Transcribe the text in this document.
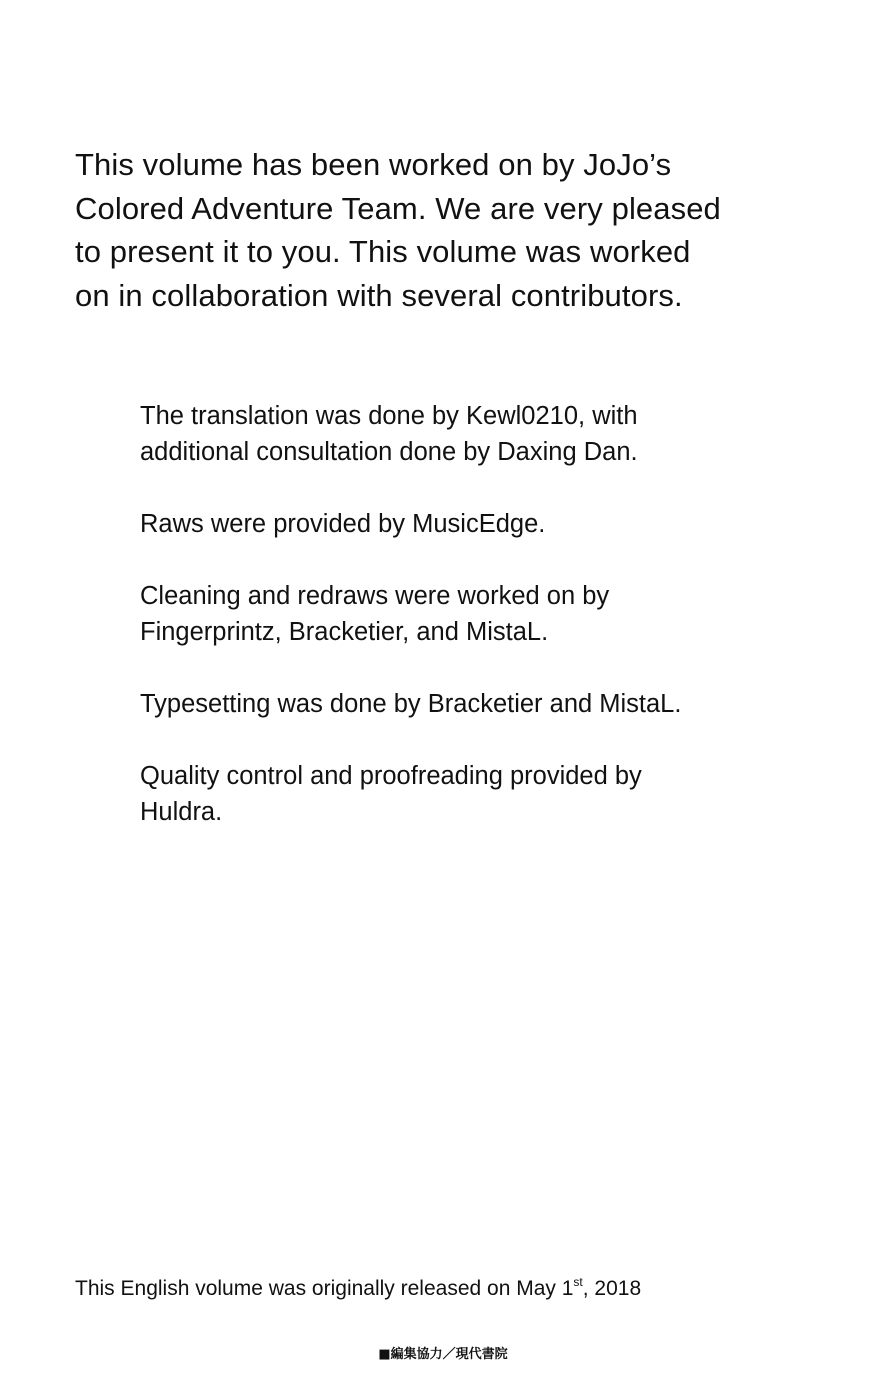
This volume has been worked on by JoJo’s
Colored Adventure Team. We are very pleased
to present it to you. This volume was worked
on in collaboration with several contributors.
The translation was done by Kewl0210, with
additional consultation done by Daxing Dan.
Raws were provided by MusicEdge.
Cleaning and redraws were worked on by
Fingerprintz, Bracketier, and MistaL.
Typesetting was done by Bracketier and MistaL.
Quality control and proofreading provided by
Huldra.

This English volume was originally released on May 1st, 2018

■編集協力／現代書院
